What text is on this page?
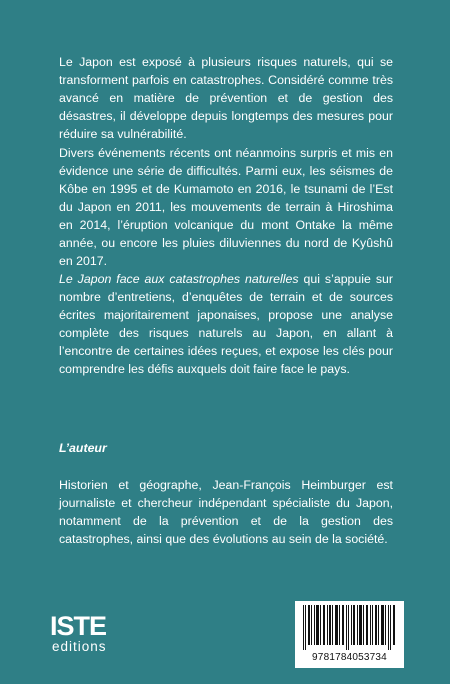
Le Japon est exposé à plusieurs risques naturels, qui se transforment parfois en catastrophes. Considéré comme très avancé en matière de prévention et de gestion des désastres, il développe depuis longtemps des mesures pour réduire sa vulnérabilité.

Divers événements récents ont néanmoins surpris et mis en évidence une série de difficultés. Parmi eux, les séismes de Kôbe en 1995 et de Kumamoto en 2016, le tsunami de l’Est du Japon en 2011, les mouvements de terrain à Hiroshima en 2014, l’éruption volcanique du mont Ontake la même année, ou encore les pluies diluviennes du nord de Kyûshû en 2017.

Le Japon face aux catastrophes naturelles qui s’appuie sur nombre d’entretiens, d’enquêtes de terrain et de sources écrites majoritairement japonaises, propose une analyse complète des risques naturels au Japon, en allant à l’encontre de certaines idées reçues, et expose les clés pour comprendre les défis auxquels doit faire face le pays.

L’auteur

Historien et géographe, Jean-François Heimburger est journaliste et chercheur indépendant spécialiste du Japon, notamment de la prévention et de la gestion des catastrophes, ainsi que des évolutions au sein de la société.

ISTE
editions
9781784053734
